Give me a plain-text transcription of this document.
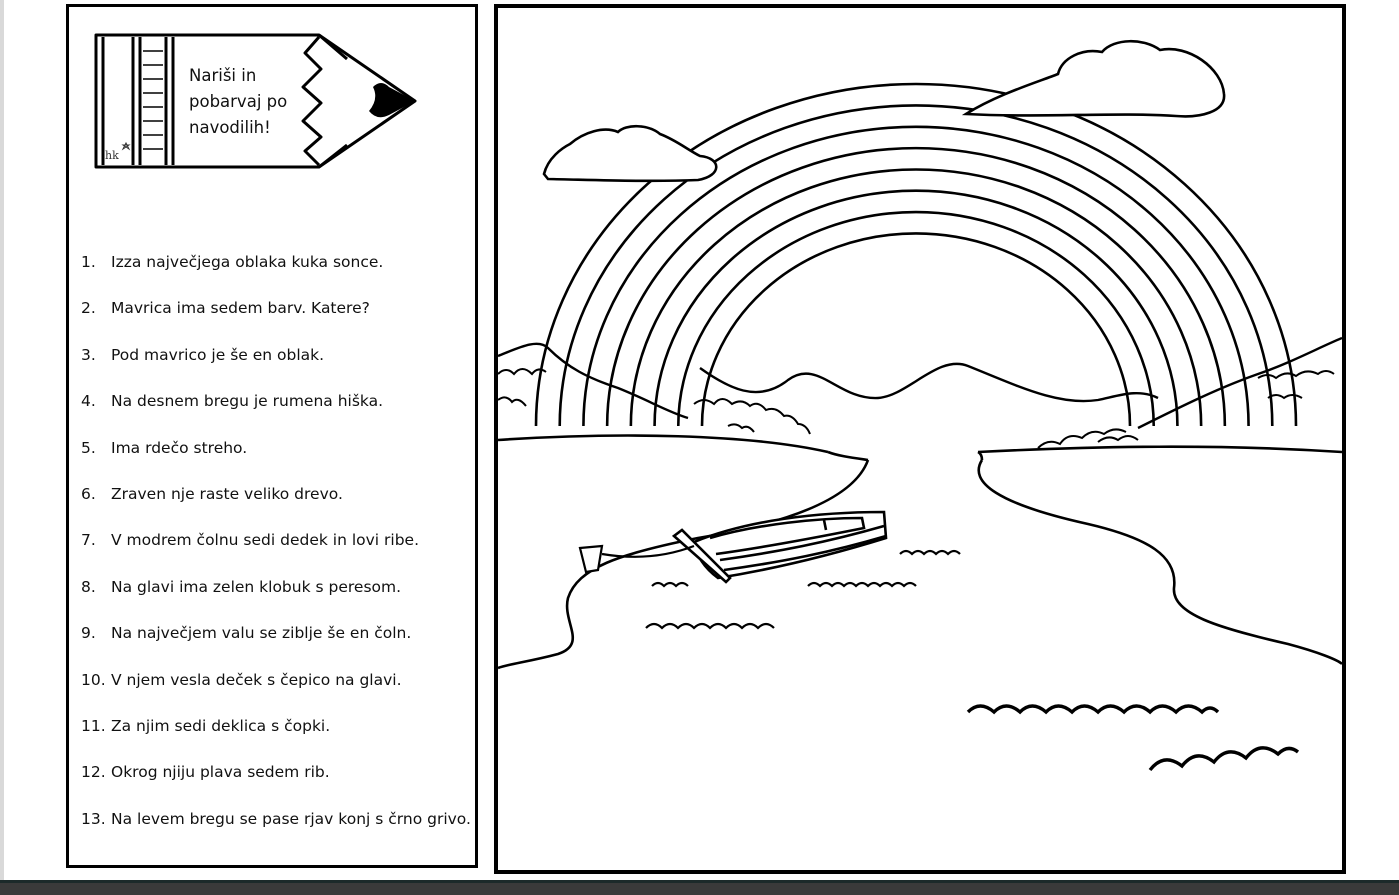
hk
Nariši in
pobarvaj po
navodilih!
1. Izza največjega oblaka kuka sonce.
2. Mavrica ima sedem barv. Katere?
3. Pod mavrico je še en oblak.
4. Na desnem bregu je rumena hiška.
5. Ima rdečo streho.
6. Zraven nje raste veliko drevo.
7. V modrem čolnu sedi dedek in lovi ribe.
8. Na glavi ima zelen klobuk s peresom.
9. Na največjem valu se ziblje še en čoln.
10. V njem vesla deček s čepico na glavi.
11. Za njim sedi deklica s čopki.
12. Okrog njiju plava sedem rib.
13. Na levem bregu se pase rjav konj s črno grivo.
